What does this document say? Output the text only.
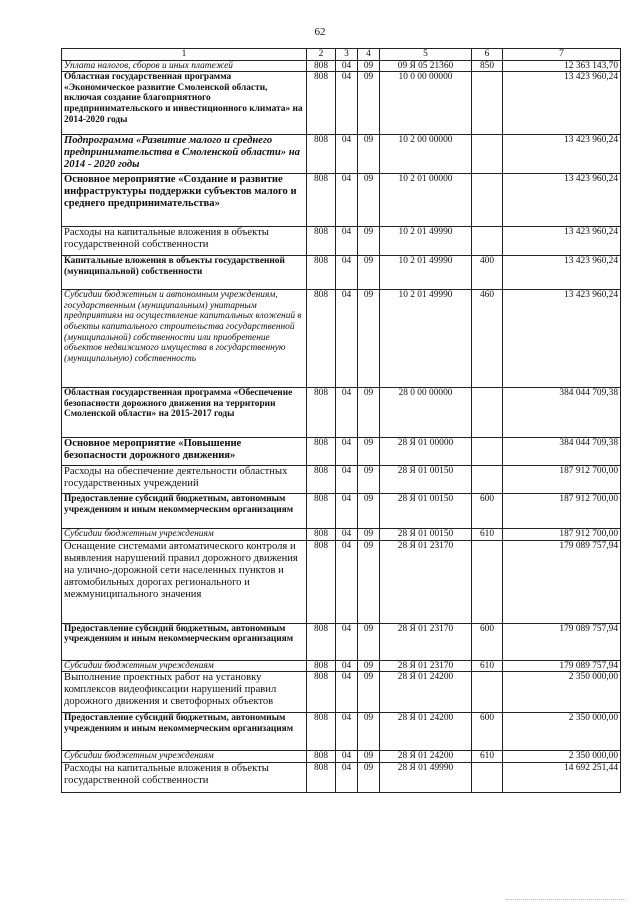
62
1	2	3	4	5	6	7
Уплата налогов, сборов и иных платежей	808	04	09	09 Я 05 21360	850	12 363 143,70
Областная государственная программа «Экономическое развитие Смоленской области, включая создание благоприятного предпринимательского и инвестиционного климата» на 2014-2020 годы	808	04	09	10 0 00 00000		13 423 960,24
Подпрограмма «Развитие малого и среднего предпринимательства в Смоленской области» на 2014 - 2020 годы	808	04	09	10 2 00 00000		13 423 960,24
Основное мероприятие «Создание и развитие инфраструктуры поддержки субъектов малого и среднего предпринимательства»	808	04	09	10 2 01 00000		13 423 960,24
Расходы на капитальные вложения в объекты государственной собственности	808	04	09	10 2 01 49990		13 423 960,24
Капитальные вложения в объекты государственной (муниципальной) собственности	808	04	09	10 2 01 49990	400	13 423 960,24
Субсидии бюджетным и автономным учреждениям, государственным (муниципальным) унитарным предприятиям на осуществление капитальных вложений в объекты капитального строительства государственной (муниципальной) собственности или приобретение объектов недвижимого имущества в государственную (муниципальную) собственность	808	04	09	10 2 01 49990	460	13 423 960,24
Областная государственная программа «Обеспечение безопасности дорожного движения на территории Смоленской области» на 2015-2017 годы	808	04	09	28 0 00 00000		384 044 709,38
Основное мероприятие «Повышение безопасности дорожного движения»	808	04	09	28 Я 01 00000		384 044 709,38
Расходы на обеспечение деятельности областных государственных учреждений	808	04	09	28 Я 01 00150		187 912 700,00
Предоставление субсидий бюджетным, автономным учреждениям и иным некоммерческим организациям	808	04	09	28 Я 01 00150	600	187 912 700,00
Субсидии бюджетным учреждениям	808	04	09	28 Я 01 00150	610	187 912 700,00
Оснащение системами автоматического контроля и выявления нарушений правил дорожного движения на улично-дорожной сети населенных пунктов и автомобильных дорогах регионального и межмуниципального значения	808	04	09	28 Я 01 23170		179 089 757,94
Предоставление субсидий бюджетным, автономным учреждениям и иным некоммерческим организациям	808	04	09	28 Я 01 23170	600	179 089 757,94
Субсидии бюджетным учреждениям	808	04	09	28 Я 01 23170	610	179 089 757,94
Выполнение проектных работ на установку комплексов видеофиксации нарушений правил дорожного движения и светофорных объектов	808	04	09	28 Я 01 24200		2 350 000,00
Предоставление субсидий бюджетным, автономным учреждениям и иным некоммерческим организациям	808	04	09	28 Я 01 24200	600	2 350 000,00
Субсидии бюджетным учреждениям	808	04	09	28 Я 01 24200	610	2 350 000,00
Расходы на капитальные вложения в объекты государственной собственности	808	04	09	28 Я 01 49990		14 692 251,44
